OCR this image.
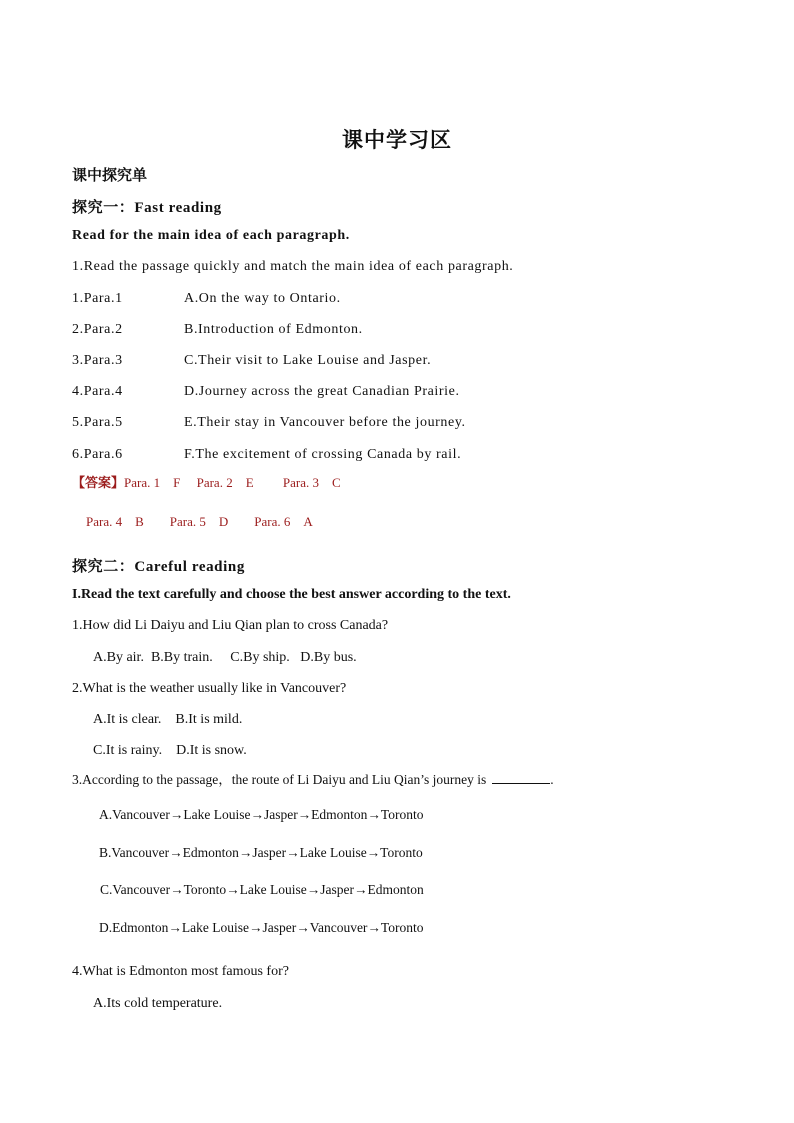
课中学习区
课中探究单
探究一：Fast reading
Read for the main idea of each paragraph.
1.Read the passage quickly and match the main idea of each paragraph.
1.Para.1	A.On the way to Ontario.
2.Para.2	B.Introduction of Edmonton.
3.Para.3	C.Their visit to Lake Louise and Jasper.
4.Para.4	D.Journey across the great Canadian Prairie.
5.Para.5	E.Their stay in Vancouver before the journey.
6.Para.6	F.The excitement of crossing Canada by rail.
【答案】Para. 1　F　 Para. 2　E　 　Para. 3　C
Para. 4　B　　Para. 5　D　　Para. 6　A
探究二：Careful reading
I.Read the text carefully and choose the best answer according to the text.
1.How did Li Daiyu and Liu Qian plan to cross Canada?
A.By air.  B.By train.     C.By ship.   D.By bus.
2.What is the weather usually like in Vancouver?
A.It is clear.    B.It is mild.
C.It is rainy.    D.It is snow.
3.According to the passage，the route of Li Daiyu and Liu Qian’s journey is	.
A.Vancouver→Lake Louise→Jasper→Edmonton→Toronto
B.Vancouver→Edmonton→Jasper→Lake Louise→Toronto
C.Vancouver→Toronto→Lake Louise→Jasper→Edmonton
D.Edmonton→Lake Louise→Jasper→Vancouver→Toronto
4.What is Edmonton most famous for?
A.Its cold temperature.
